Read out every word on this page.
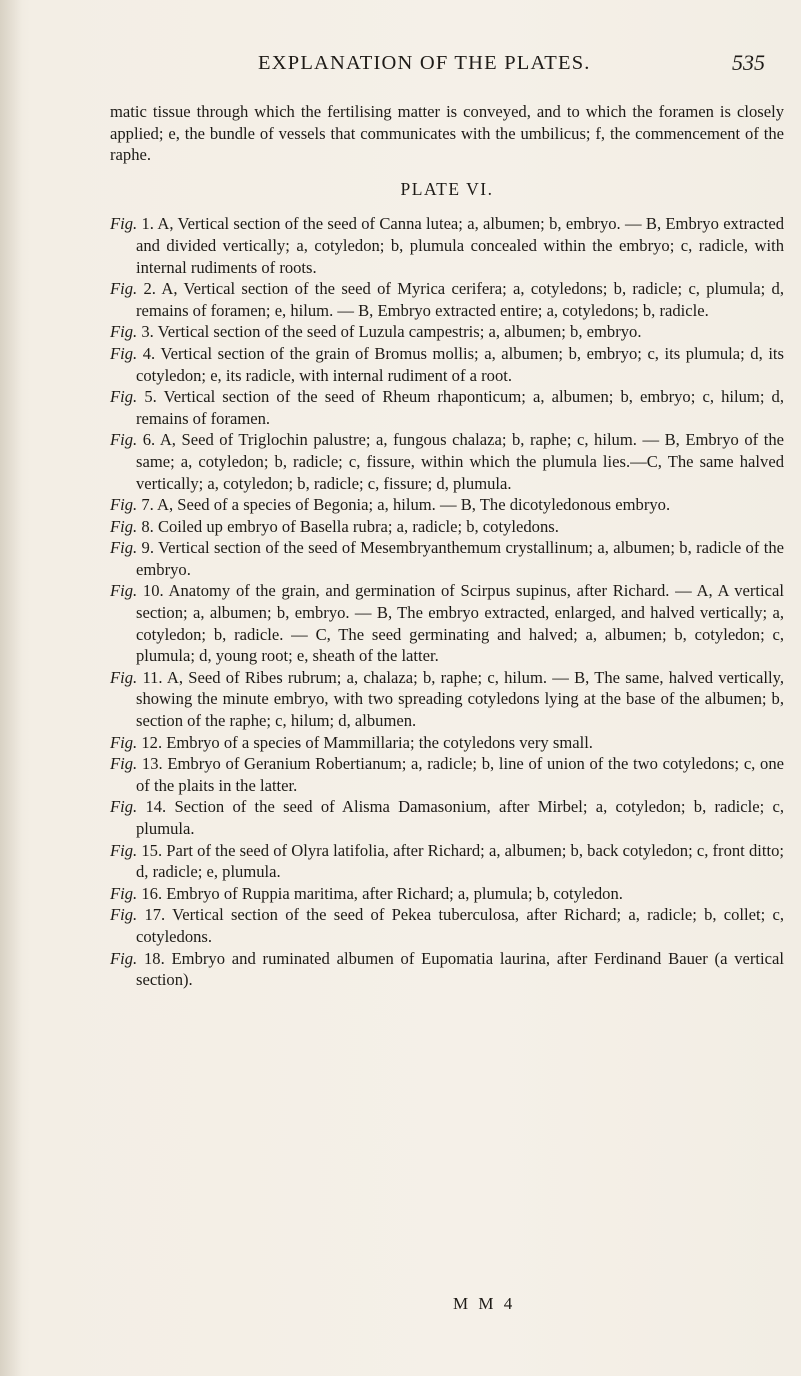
EXPLANATION OF THE PLATES.	535

matic tissue through which the fertilising matter is conveyed, and to which the foramen is closely applied; e, the bundle of vessels that communicates with the umbilicus; f, the commencement of the raphe.

PLATE VI.

Fig. 1. A, Vertical section of the seed of Canna lutea; a, albumen; b, embryo. — B, Embryo extracted and divided vertically; a, cotyledon; b, plumula concealed within the embryo; c, radicle, with internal rudiments of roots.

Fig. 2. A, Vertical section of the seed of Myrica cerifera; a, cotyledons; b, radicle; c, plumula; d, remains of foramen; e, hilum. — B, Embryo extracted entire; a, cotyledons; b, radicle.

Fig. 3. Vertical section of the seed of Luzula campestris; a, albumen; b, embryo.

Fig. 4. Vertical section of the grain of Bromus mollis; a, albumen; b, embryo; c, its plumula; d, its cotyledon; e, its radicle, with internal rudiment of a root.

Fig. 5. Vertical section of the seed of Rheum rhaponticum; a, albumen; b, embryo; c, hilum; d, remains of foramen.

Fig. 6. A, Seed of Triglochin palustre; a, fungous chalaza; b, raphe; c, hilum. — B, Embryo of the same; a, cotyledon; b, radicle; c, fissure, within which the plumula lies.—C, The same halved vertically; a, cotyledon; b, radicle; c, fissure; d, plumula.

Fig. 7. A, Seed of a species of Begonia; a, hilum. — B, The dicotyledonous embryo.

Fig. 8. Coiled up embryo of Basella rubra; a, radicle; b, cotyledons.

Fig. 9. Vertical section of the seed of Mesembryanthemum crystallinum; a, albumen; b, radicle of the embryo.

Fig. 10. Anatomy of the grain, and germination of Scirpus supinus, after Richard. — A, A vertical section; a, albumen; b, embryo. — B, The embryo extracted, enlarged, and halved vertically; a, cotyledon; b, radicle. — C, The seed germinating and halved; a, albumen; b, cotyledon; c, plumula; d, young root; e, sheath of the latter.

Fig. 11. A, Seed of Ribes rubrum; a, chalaza; b, raphe; c, hilum. — B, The same, halved vertically, showing the minute embryo, with two spreading cotyledons lying at the base of the albumen; b, section of the raphe; c, hilum; d, albumen.

Fig. 12. Embryo of a species of Mammillaria; the cotyledons very small.

Fig. 13. Embryo of Geranium Robertianum; a, radicle; b, line of union of the two cotyledons; c, one of the plaits in the latter.

Fig. 14. Section of the seed of Alisma Damasonium, after Mirbel; a, cotyledon; b, radicle; c, plumula.

Fig. 15. Part of the seed of Olyra latifolia, after Richard; a, albumen; b, back cotyledon; c, front ditto; d, radicle; e, plumula.

Fig. 16. Embryo of Ruppia maritima, after Richard; a, plumula; b, cotyledon.

Fig. 17. Vertical section of the seed of Pekea tuberculosa, after Richard; a, radicle; b, collet; c, cotyledons.

Fig. 18. Embryo and ruminated albumen of Eupomatia laurina, after Ferdinand Bauer (a vertical section).

M M 4
